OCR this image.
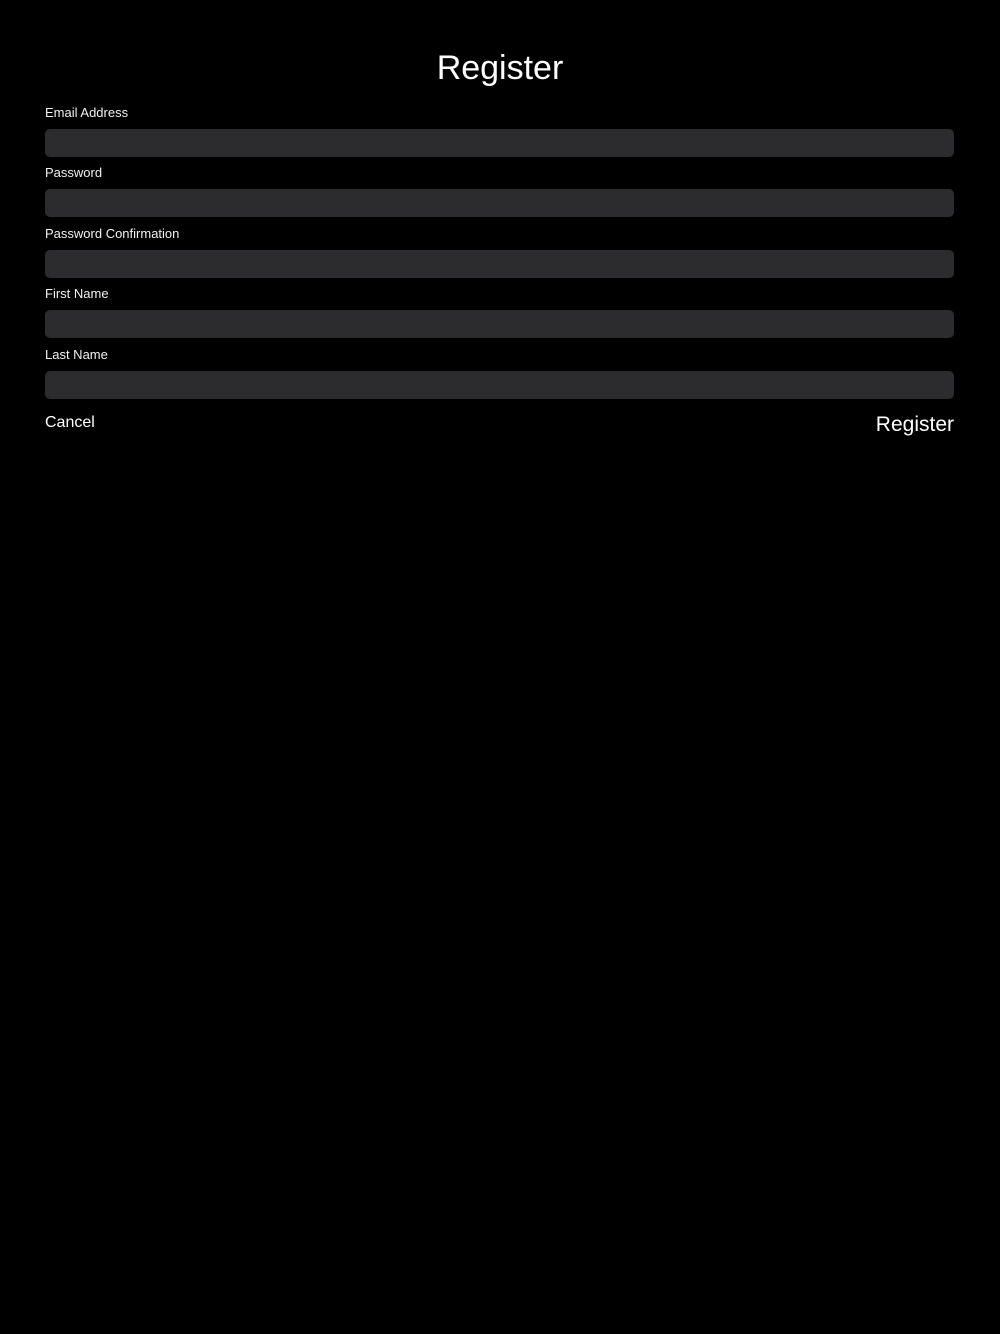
Register
Email Address
Password
Password Confirmation
First Name
Last Name
Cancel	Register
